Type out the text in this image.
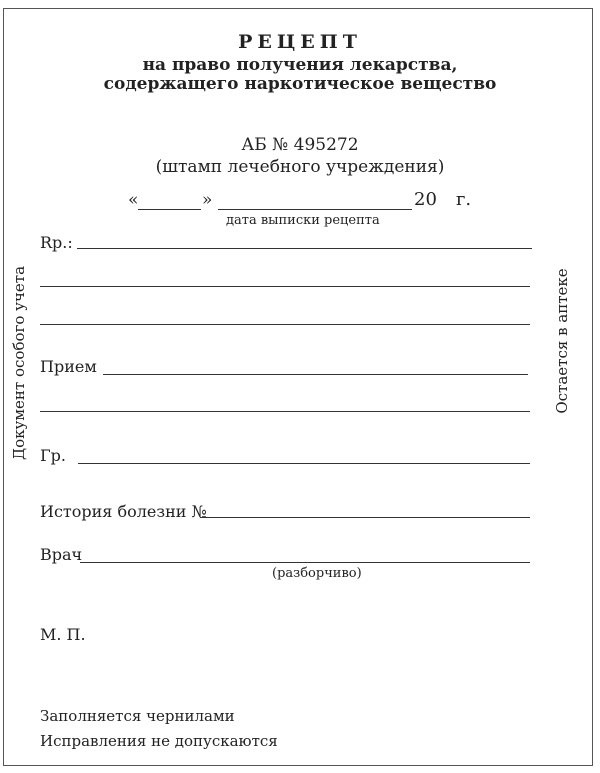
РЕЦЕПТ
на право получения лекарства,
содержащего наркотическое вещество
АБ № 495272
(штамп лечебного учреждения)
«	»	20 г.
дата выписки рецепта
Rp.:
Прием
Гр.
История болезни №
Врач
(разборчиво)
М. П.
Заполняется чернилами
Исправления не допускаются
Документ особого учета	Остается в аптеке
